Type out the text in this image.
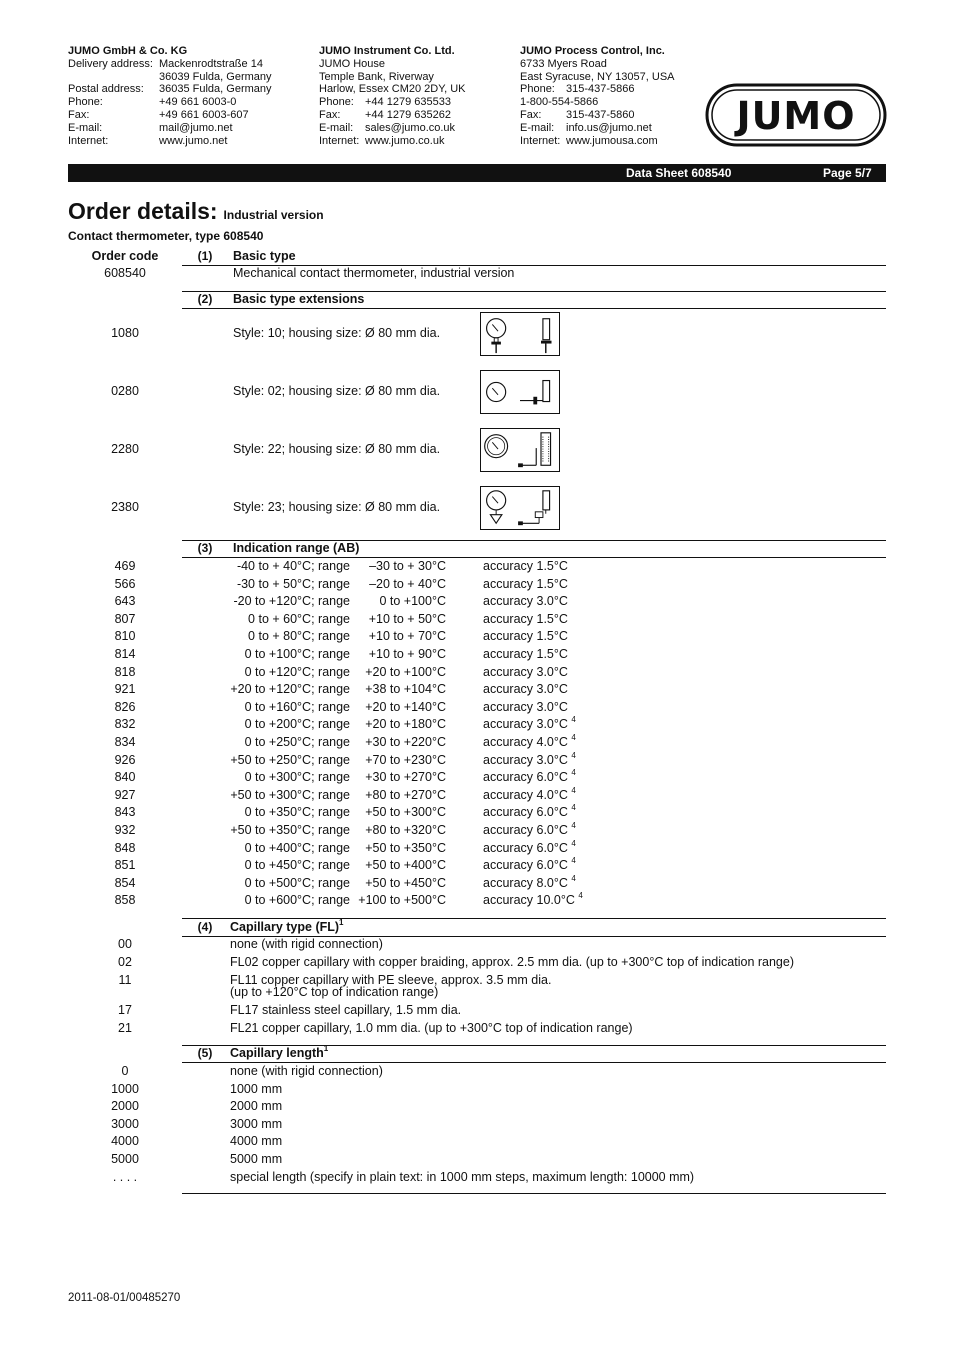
JUMO GmbH & Co. KG
Delivery address: Mackenrodtstraße 14
36039 Fulda, Germany
Postal address: 36035 Fulda, Germany
Phone:	+49 661 6003-0
Fax:	+49 661 6003-607
E-mail:	mail@jumo.net
Internet:	www.jumo.net
JUMO Instrument Co. Ltd.
JUMO House
Temple Bank, Riverway
Harlow, Essex CM20 2DY, UK
Phone: +44 1279 635533
Fax: +44 1279 635262
E-mail: sales@jumo.co.uk
Internet: www.jumo.co.uk
JUMO Process Control, Inc.
6733 Myers Road
East Syracuse, NY 13057, USA
Phone: 315-437-5866
1-800-554-5866
Fax: 315-437-5860
E-mail: info.us@jumo.net
Internet: www.jumousa.com
JUMO
Data Sheet 608540	Page 5/7
Order details: Industrial version
Contact thermometer, type 608540
Order code	(1)	Basic type
608540	Mechanical contact thermometer, industrial version
(2)	Basic type extensions
1080	Style: 10; housing size: Ø 80 mm dia.
0280	Style: 02; housing size: Ø 80 mm dia.
2280	Style: 22; housing size: Ø 80 mm dia.
2380	Style: 23; housing size: Ø 80 mm dia.
(3)	Indication range (AB)
469	-40 to + 40°C; range	–30 to + 30°C	accuracy 1.5°C
566	-30 to + 50°C; range	–20 to + 40°C	accuracy 1.5°C
643	-20 to +120°C; range	0 to +100°C	accuracy 3.0°C
807	0 to + 60°C; range	+10 to + 50°C	accuracy 1.5°C
810	0 to + 80°C; range	+10 to + 70°C	accuracy 1.5°C
814	0 to +100°C; range	+10 to + 90°C	accuracy 1.5°C
818	0 to +120°C; range	+20 to +100°C	accuracy 3.0°C
921	+20 to +120°C; range	+38 to +104°C	accuracy 3.0°C
826	0 to +160°C; range	+20 to +140°C	accuracy 3.0°C
832	0 to +200°C; range	+20 to +180°C	accuracy 3.0°C $^4$
834	0 to +250°C; range	+30 to +220°C	accuracy 4.0°C $^4$
926	+50 to +250°C; range	+70 to +230°C	accuracy 3.0°C $^4$
840	0 to +300°C; range	+30 to +270°C	accuracy 6.0°C $^4$
927	+50 to +300°C; range	+80 to +270°C	accuracy 4.0°C $^4$
843	0 to +350°C; range	+50 to +300°C	accuracy 6.0°C $^4$
932	+50 to +350°C; range	+80 to +320°C	accuracy 6.0°C $^4$
848	0 to +400°C; range	+50 to +350°C	accuracy 6.0°C $^4$
851	0 to +450°C; range	+50 to +400°C	accuracy 6.0°C $^4$
854	0 to +500°C; range	+50 to +450°C	accuracy 8.0°C $^4$
858	0 to +600°C; range +100 to +500°C	accuracy 10.0°C $^4$
(4)	Capillary type (FL)$^1$
00	none (with rigid connection)
02	FL02 copper capillary with copper braiding, approx. 2.5 mm dia. (up to +300°C top of indication range)
11	FL11 copper capillary with PE sleeve, approx. 3.5 mm dia.
(up to +120°C top of indication range)
17	FL17 stainless steel capillary, 1.5 mm dia.
21	FL21 copper capillary, 1.0 mm dia. (up to +300°C top of indication range)
(5)	Capillary length$^1$
0	none (with rigid connection)
1000	1000 mm
2000	2000 mm
3000	3000 mm
4000	4000 mm
5000	5000 mm
. . . .	special length (specify in plain text: in 1000 mm steps, maximum length: 10000 mm)
2011-08-01/00485270
